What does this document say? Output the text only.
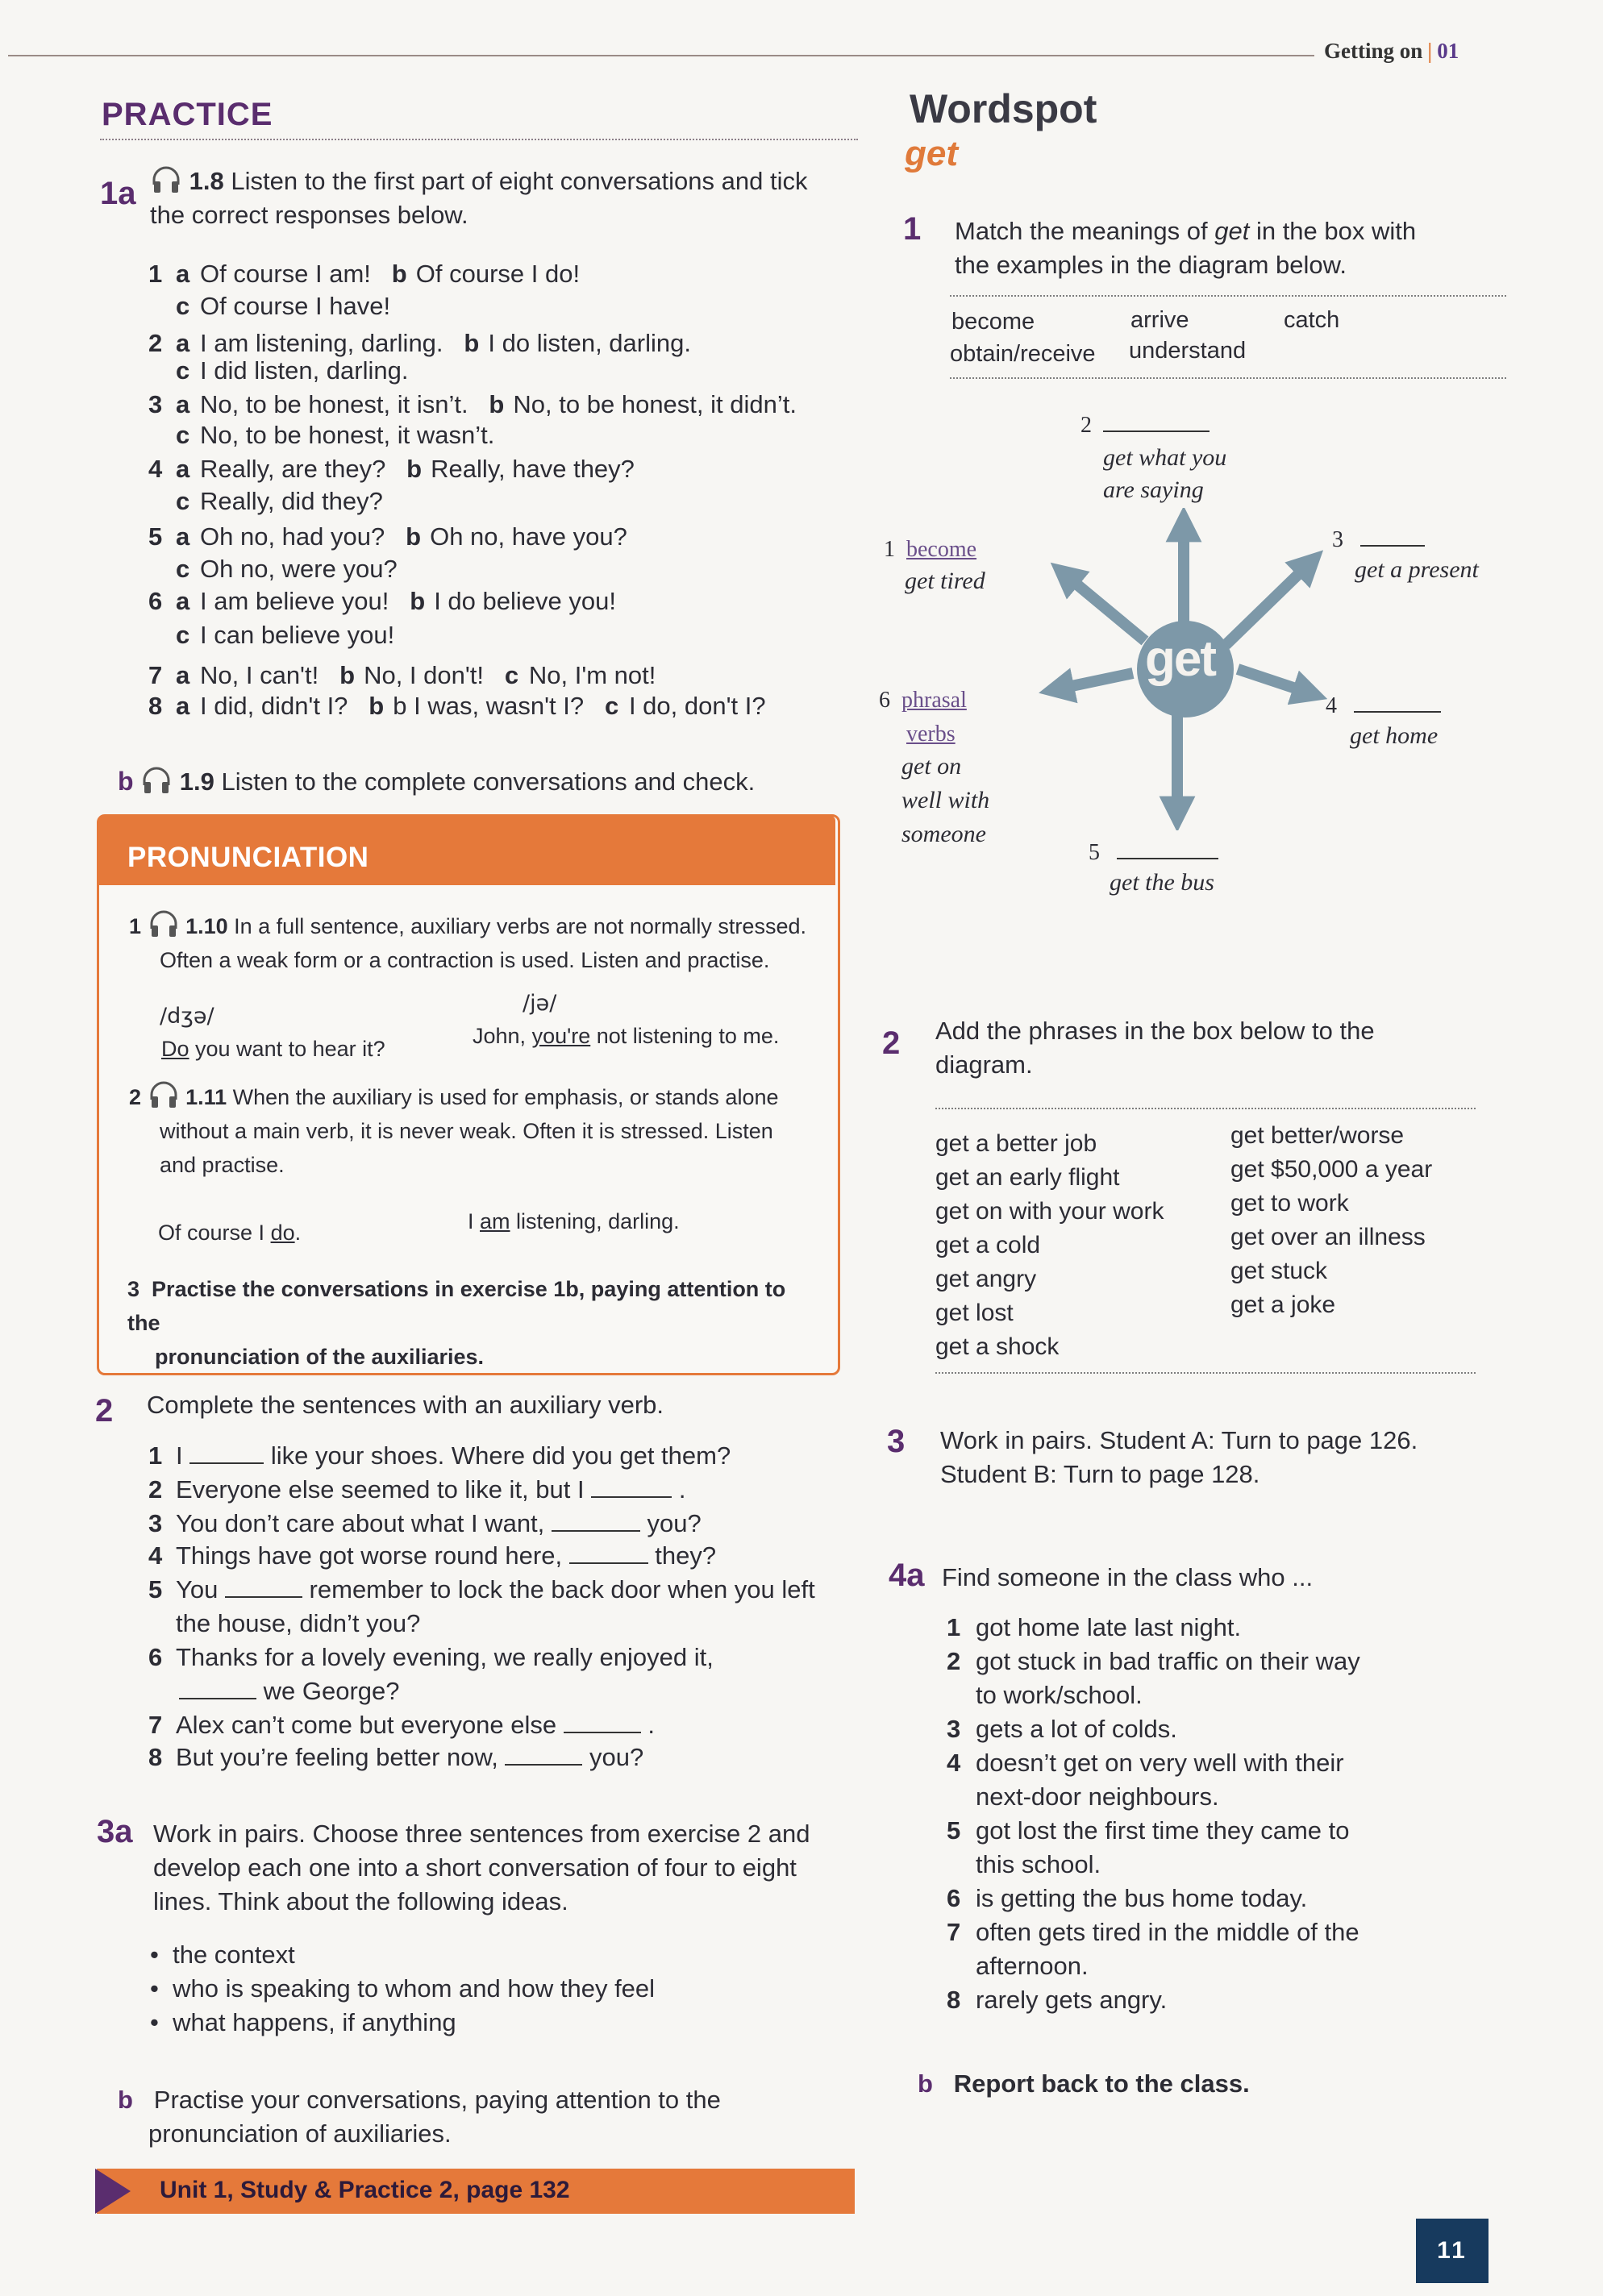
Getting on | 01
PRACTICE
1a	1.8 Listen to the first part of eight conversations and tick
the correct responses below.
1 a Of course I am! b Of course I do!
c Of course I have!
2 a I am listening, darling. b I do listen, darling.
c I did listen, darling.
3 a No, to be honest, it isn’t. b No, to be honest, it didn’t.
c No, to be honest, it wasn’t.
4 a Really, are they? b Really, have they?
c Really, did they?
5 a Oh no, had you? b Oh no, have you?
c Oh no, were you?
6 a I am believe you! b I do believe you!
c I can believe you!
7 a No, I can't! b No, I don't! c No, I'm not!
8 a I did, didn't I? b b I was, wasn't I? c I do, don't I?
b 1.9 Listen to the complete conversations and check.
PRONUNCIATION
1 1.10 In a full sentence, auxiliary verbs are not normally stressed.
Often a weak form or a contraction is used. Listen and practise.
/dʒə/
/jə/
Do you want to hear it?
John, you're not listening to me.
2 1.11 When the auxiliary is used for emphasis, or stands alone
without a main verb, it is never weak. Often it is stressed. Listen
and practise.
Of course I do.	I am listening, darling.
3 Practise the conversations in exercise 1b, paying attention to the
pronunciation of the auxiliaries.
2 Complete the sentences with an auxiliary verb.
1 I	like your shoes. Where did you get them?
2 Everyone else seemed to like it, but I	.
3 You don’t care about what I want,	you?
4 Things have got worse round here,	they?
5 You	remember to lock the back door when you left
the house, didn’t you?
6 Thanks for a lovely evening, we really enjoyed it,
we George?
7 Alex can’t come but everyone else	.
8 But you’re feeling better now,	you?
3a Work in pairs. Choose three sentences from exercise 2 and
develop each one into a short conversation of four to eight
lines. Think about the following ideas.
•  the context
•  who is speaking to whom and how they feel
•  what happens, if anything
b Practise your conversations, paying attention to the
pronunciation of auxiliaries.
Unit 1, Study & Practice 2, page 132
Wordspot
get
1 Match the meanings of get in the box with
the examples in the diagram below.
become	arrive	catch
obtain/receive understand
get
1 become
get tired
2
get what you
are saying
3
get a present
4
get home
5
get the bus
6 phrasal
verbs
get on
well with
someone
2 Add the phrases in the box below to the
diagram.
get a better job
get an early flight
get on with your work
get a cold
get angry
get lost
get a shock
get better/worse
get $50,000 a year
get to work
get over an illness
get stuck
get a joke
3 Work in pairs. Student A: Turn to page 126.
Student B: Turn to page 128.
4a Find someone in the class who ...
1 got home late last night.
2 got stuck in bad traffic on their way
to work/school.
3 gets a lot of colds.
4 doesn’t get on very well with their
next-door neighbours.
5 got lost the first time they came to
this school.
6 is getting the bus home today.
7 often gets tired in the middle of the
afternoon.
8 rarely gets angry.
b Report back to the class.
11
